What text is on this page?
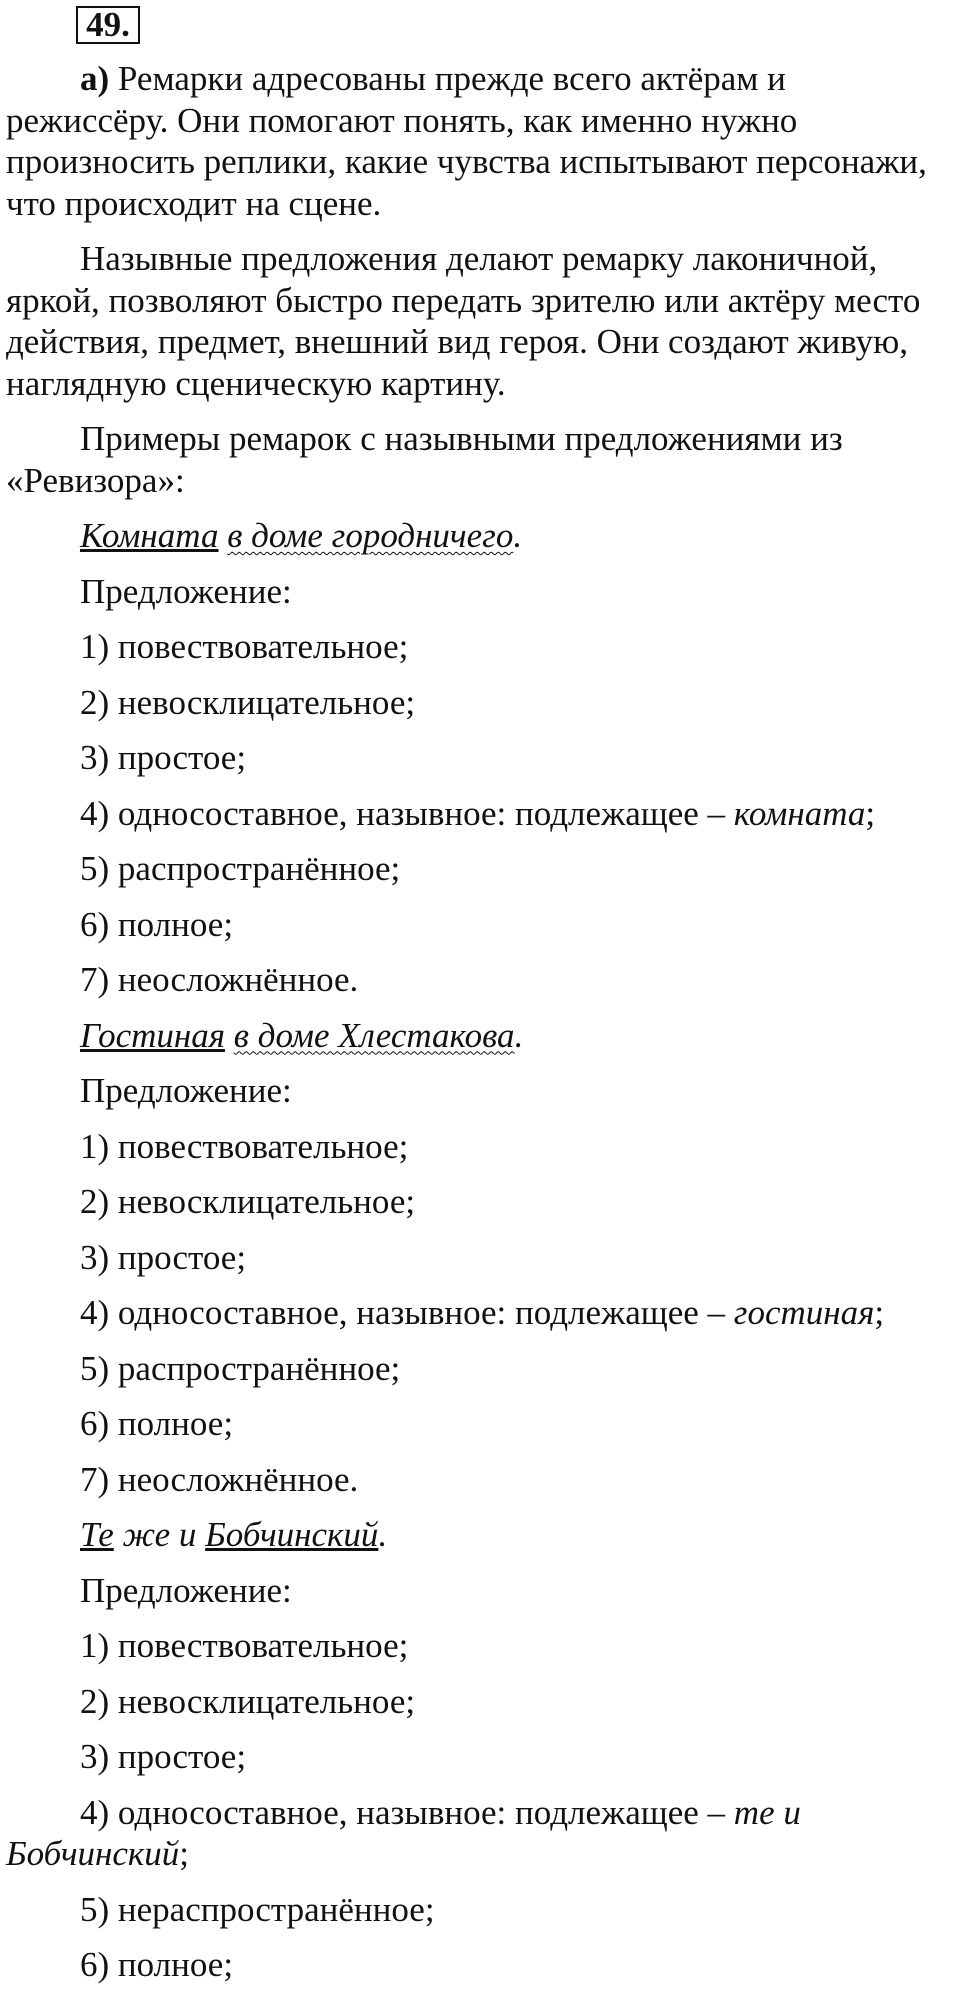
49.

а) Ремарки адресованы прежде всего актёрам и режиссёру. Они помогают понять, как именно нужно произносить реплики, какие чувства испытывают персонажи, что происходит на сцене.

Назывные предложения делают ремарку лаконичной, яркой, позволяют быстро передать зрителю или актёру место действия, предмет, внешний вид героя. Они создают живую, наглядную сценическую картину.

Примеры ремарок с назывными предложениями из «Ревизора»:

Комната в доме городничего.

Предложение:

1) повествовательное;

2) невосклицательное;

3) простое;

4) односоставное, назывное: подлежащее – комната;

5) распространённое;

6) полное;

7) неосложнённое.

Гостиная в доме Хлестакова.

Предложение:

1) повествовательное;

2) невосклицательное;

3) простое;

4) односоставное, назывное: подлежащее – гостиная;

5) распространённое;

6) полное;

7) неосложнённое.

Те же и Бобчинский.

Предложение:

1) повествовательное;

2) невосклицательное;

3) простое;

4) односоставное, назывное: подлежащее – те и Бобчинский;

5) нераспространённое;

6) полное;
